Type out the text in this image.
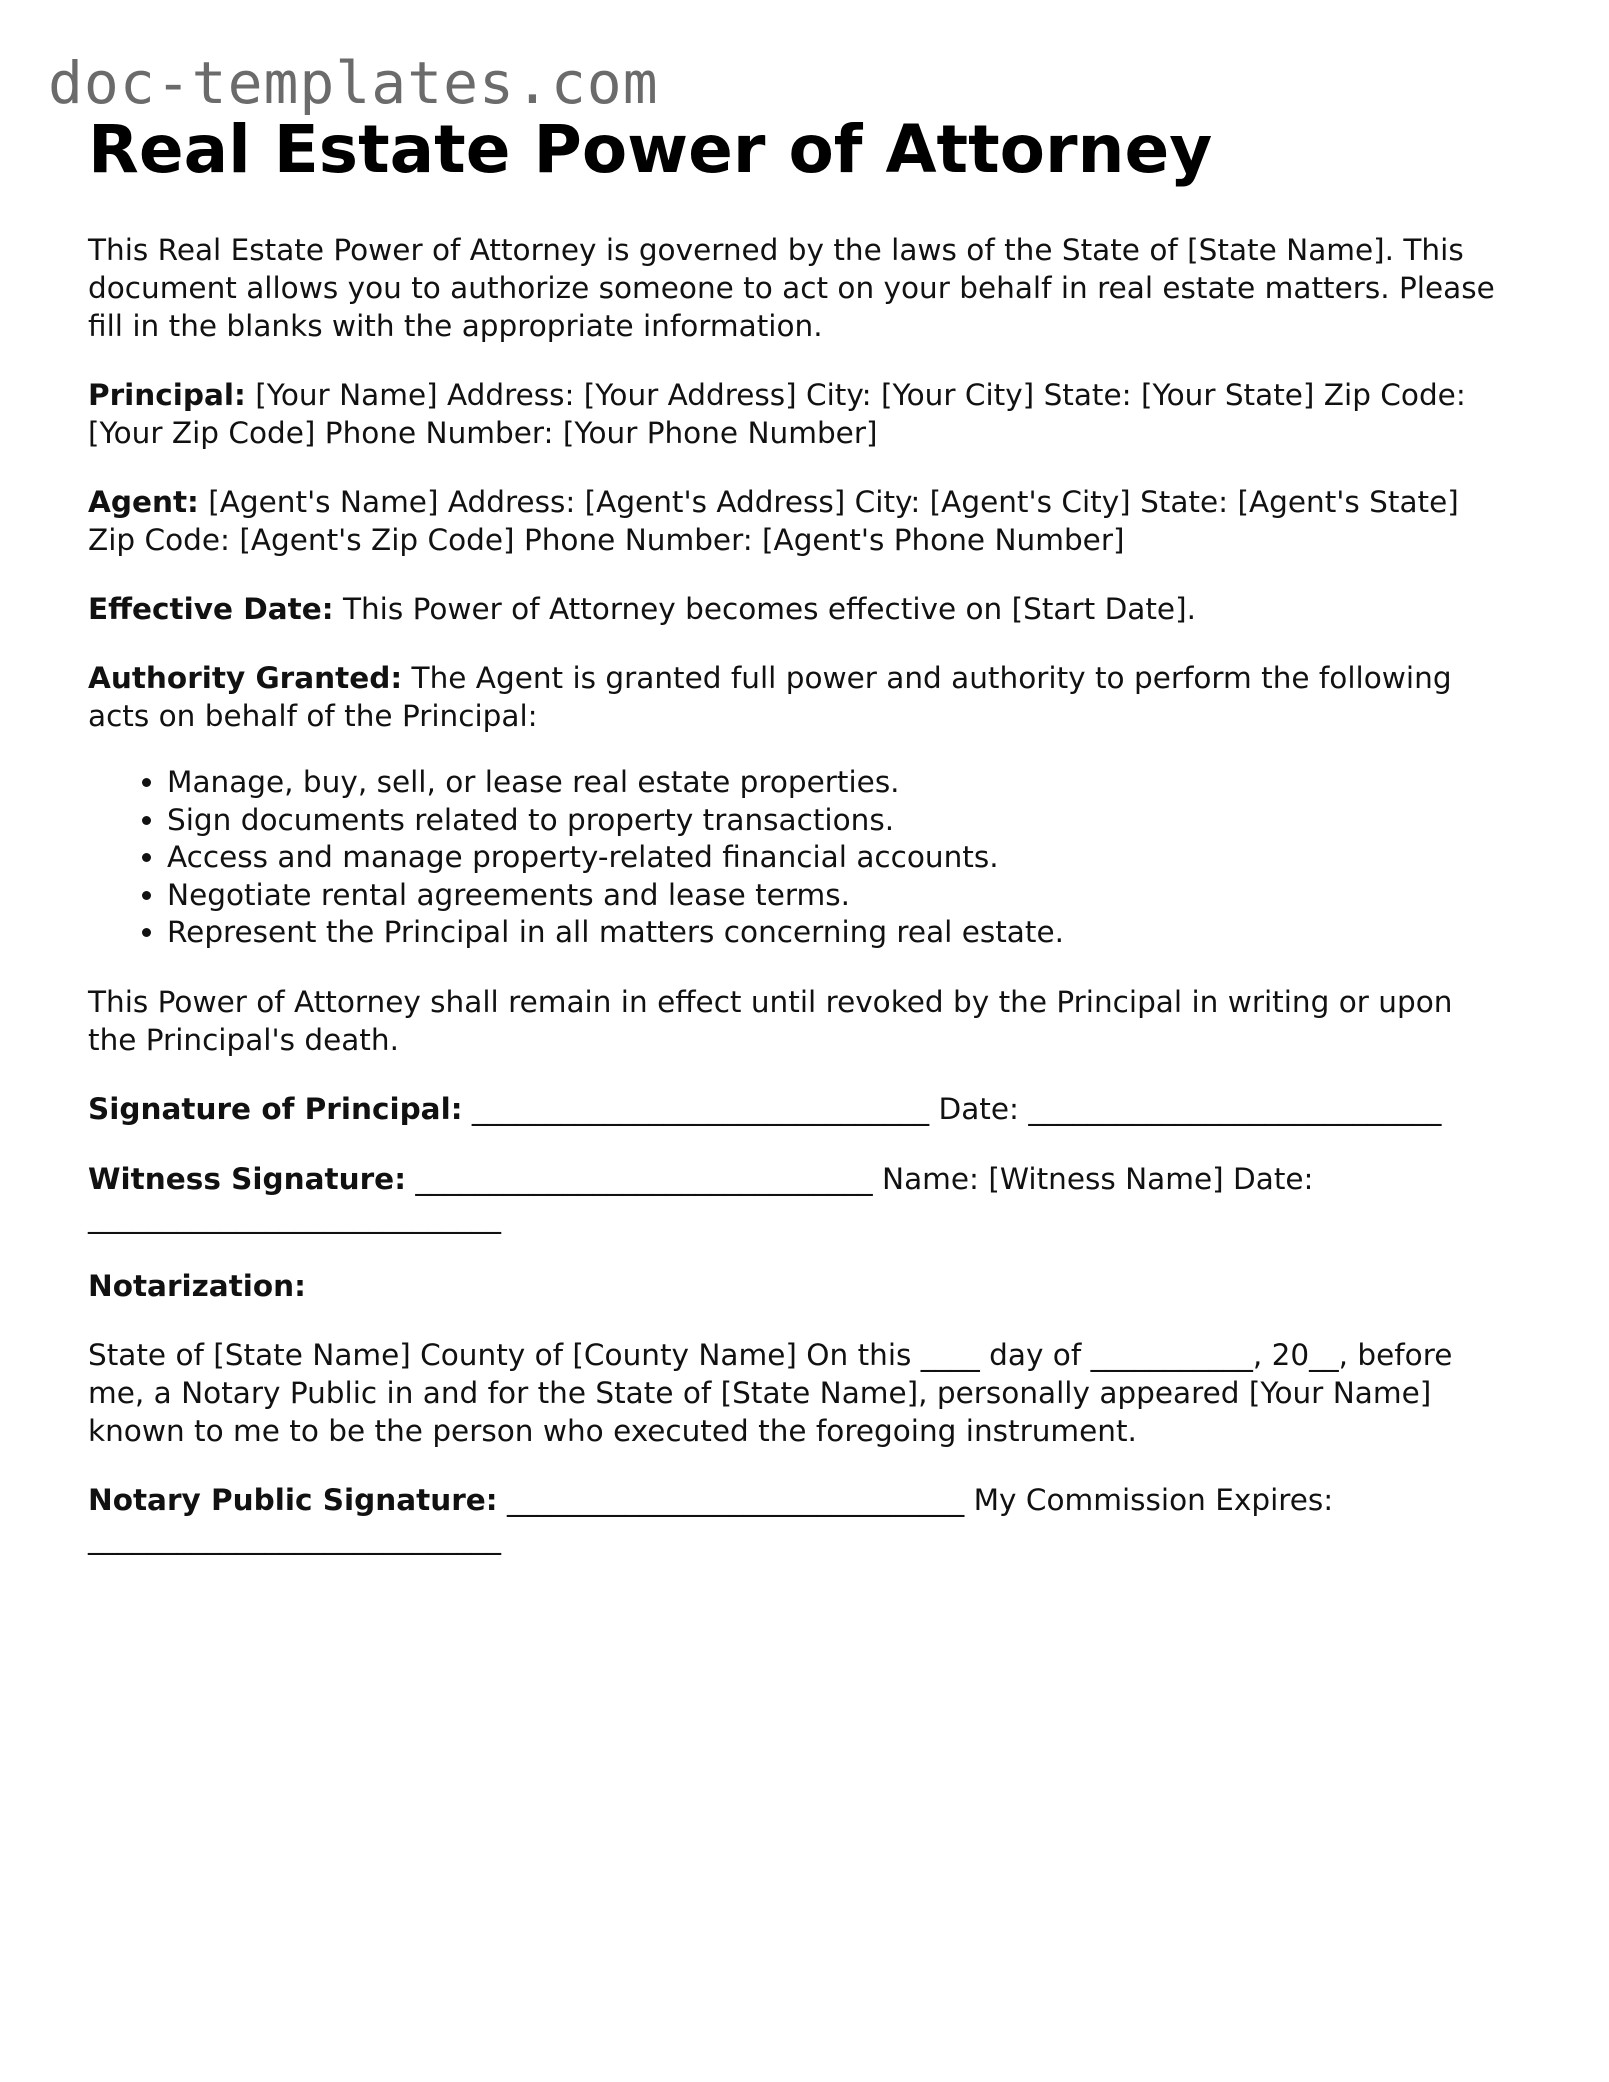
doc-templates.com
Real Estate Power of Attorney

This Real Estate Power of Attorney is governed by the laws of the State of [State Name]. This document allows you to authorize someone to act on your behalf in real estate matters. Please fill in the blanks with the appropriate information.

Principal: [Your Name] Address: [Your Address] City: [Your City] State: [Your State] Zip Code: [Your Zip Code] Phone Number: [Your Phone Number]

Agent: [Agent's Name] Address: [Agent's Address] City: [Agent's City] State: [Agent's State] Zip Code: [Agent's Zip Code] Phone Number: [Agent's Phone Number]

Effective Date: This Power of Attorney becomes effective on [Start Date].

Authority Granted: The Agent is granted full power and authority to perform the following acts on behalf of the Principal:

• Manage, buy, sell, or lease real estate properties.
• Sign documents related to property transactions.
• Access and manage property-related financial accounts.
• Negotiate rental agreements and lease terms.
• Represent the Principal in all matters concerning real estate.

This Power of Attorney shall remain in effect until revoked by the Principal in writing or upon the Principal's death.

Signature of Principal: _______________________________ Date: ____________________________

Witness Signature: _______________________________ Name: [Witness Name] Date: ____________________________

Notarization:

State of [State Name] County of [County Name] On this ____ day of ___________, 20__, before me, a Notary Public in and for the State of [State Name], personally appeared [Your Name] known to me to be the person who executed the foregoing instrument.

Notary Public Signature: _______________________________ My Commission Expires: ____________________________
